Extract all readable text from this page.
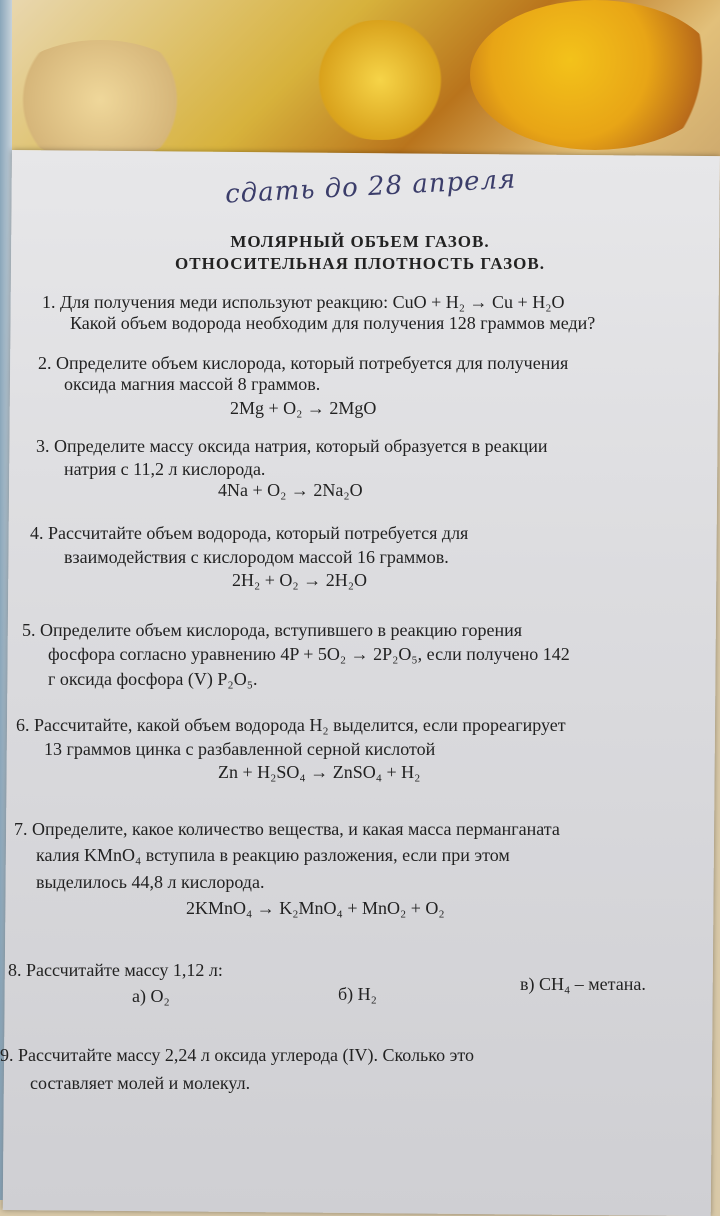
сдать до 28 апреля
МОЛЯРНЫЙ ОБЪЕМ ГАЗОВ.
ОТНОСИТЕЛЬНАЯ ПЛОТНОСТЬ ГАЗОВ.
1. Для получения меди используют реакцию: CuO + H₂ → Cu + H₂O
Какой объем водорода необходим для получения 128 граммов меди?
2. Определите объем кислорода, который потребуется для получения
оксида магния массой 8 граммов.
2Mg + O₂ → 2MgO
3. Определите массу оксида натрия, который образуется в реакции
натрия с 11,2 л кислорода.
4Na + O₂ → 2Na₂O
4. Рассчитайте объем водорода, который потребуется для
взаимодействия с кислородом массой 16 граммов.
2H₂ + O₂ → 2H₂O
5. Определите объем кислорода, вступившего в реакцию горения
фосфора согласно уравнению 4P + 5O₂ → 2P₂O₅, если получено 142
г оксида фосфора (V) P₂O₅.
6. Рассчитайте, какой объем водорода H₂ выделится, если прореагирует
13 граммов цинка с разбавленной серной кислотой
Zn + H₂SO₄ → ZnSO₄ + H₂
7. Определите, какое количество вещества, и какая масса перманганата
калия KMnO₄ вступила в реакцию разложения, если при этом
выделилось 44,8 л кислорода.
2KMnO₄ → K₂MnO₄ + MnO₂ + O₂
8. Рассчитайте массу 1,12 л:
а) O₂	б) H₂	в) CH₄ – метана.
9. Рассчитайте массу 2,24 л оксида углерода (IV). Сколько это
составляет молей и молекул.
